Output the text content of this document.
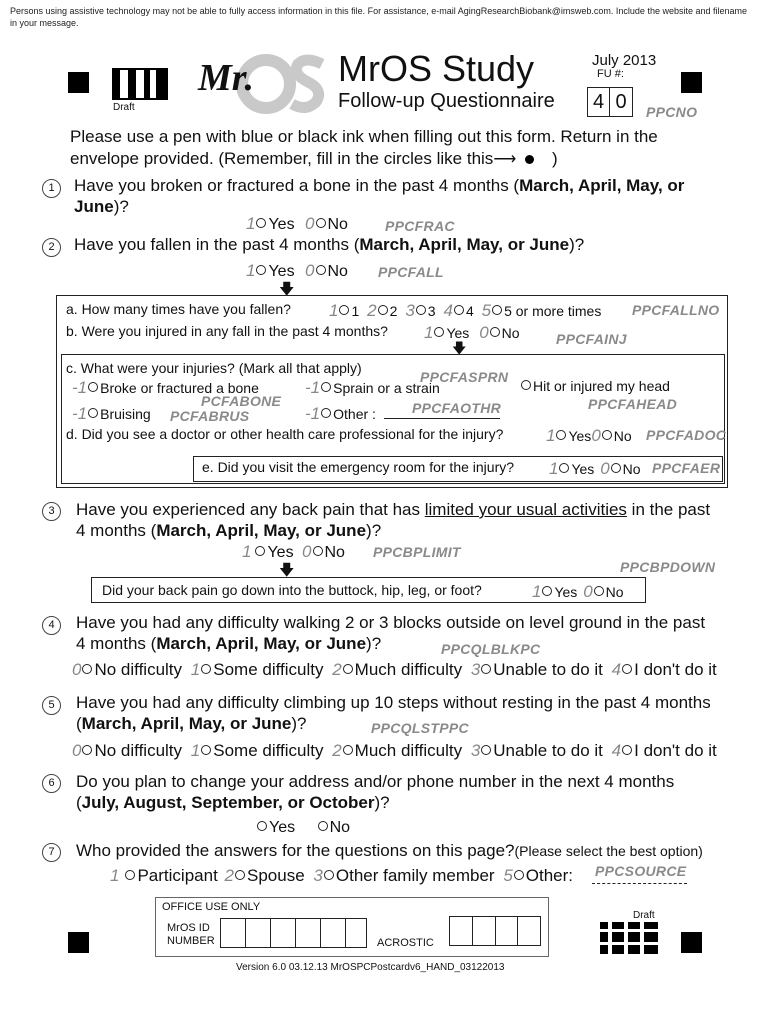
Persons using assistive technology may not be able to fully access information in this file. For assistance, e-mail AgingResearchBiobank@imsweb.com. Include the website and filename in your message.
Draft
Mr. MrOS Study
Follow-up Questionnaire
July 2013
FU #:
4 0	PPCNO
Please use a pen with blue or black ink when filling out this form. Return in the
envelope provided. (Remember, fill in the circles like this⟶ )
1	Have you broken or fractured a bone in the past 4 months (March, April, May, or
June)?
1 Yes 0 No	PPCFRAC
2	Have you fallen in the past 4 months (March, April, May, or June)?
1 Yes 0 No PPCFALL
🡇
a. How many times have you fallen? 1 1 2 2 3 3 4 4 5 5 or more times PPCFALLNO
b. Were you injured in any fall in the past 4 months? 1 Yes 0 No	PPCFAINJ
🡇
c. What were your injuries? (Mark all that apply)
PPCFASPRN
-1 Broke or fractured a bone	-1 Sprain or a strain	Hit or injured my head
PCFABONE	PPCFAHEAD
-1 Bruising PCFABRUS	-1 Other :	PPCFAOTHR
d. Did you see a doctor or other health care professional for the injury?	1 Yes0 No PPCFADOC
e. Did you visit the emergency room for the injury? 1 Yes 0 No PPCFAER
3	Have you experienced any back pain that has limited your usual activities in the past
4 months (March, April, May, or June)?
1 Yes 0 No PPCBPLIMIT
PPCBPDOWN
🡇
Did your back pain go down into the buttock, hip, leg, or foot?	1 Yes 0 No
4	Have you had any difficulty walking 2 or 3 blocks outside on level ground in the past
4 months (March, April, May, or June)?	PPCQLBLKPC
0 No difficulty 1 Some difficulty 2 Much difficulty 3 Unable to do it 4 I don't do it
5	Have you had any difficulty climbing up 10 steps without resting in the past 4 months
(March, April, May, or June)?	PPCQLSTPPC
0 No difficulty 1 Some difficulty 2 Much difficulty 3 Unable to do it 4 I don't do it
6	Do you plan to change your address and/or phone number in the next 4 months
(July, August, September, or October)?
Yes No
7	Who provided the answers for the questions on this page?(Please select the best option)
PPCSOURCE
1 Participant 2 Spouse 3 Other family member 5 Other:
OFFICE USE ONLY
MrOS ID
NUMBER	ACROSTIC
Draft
Version 6.0 03.12.13 MrOSPCPostcardv6_HAND_03122013
